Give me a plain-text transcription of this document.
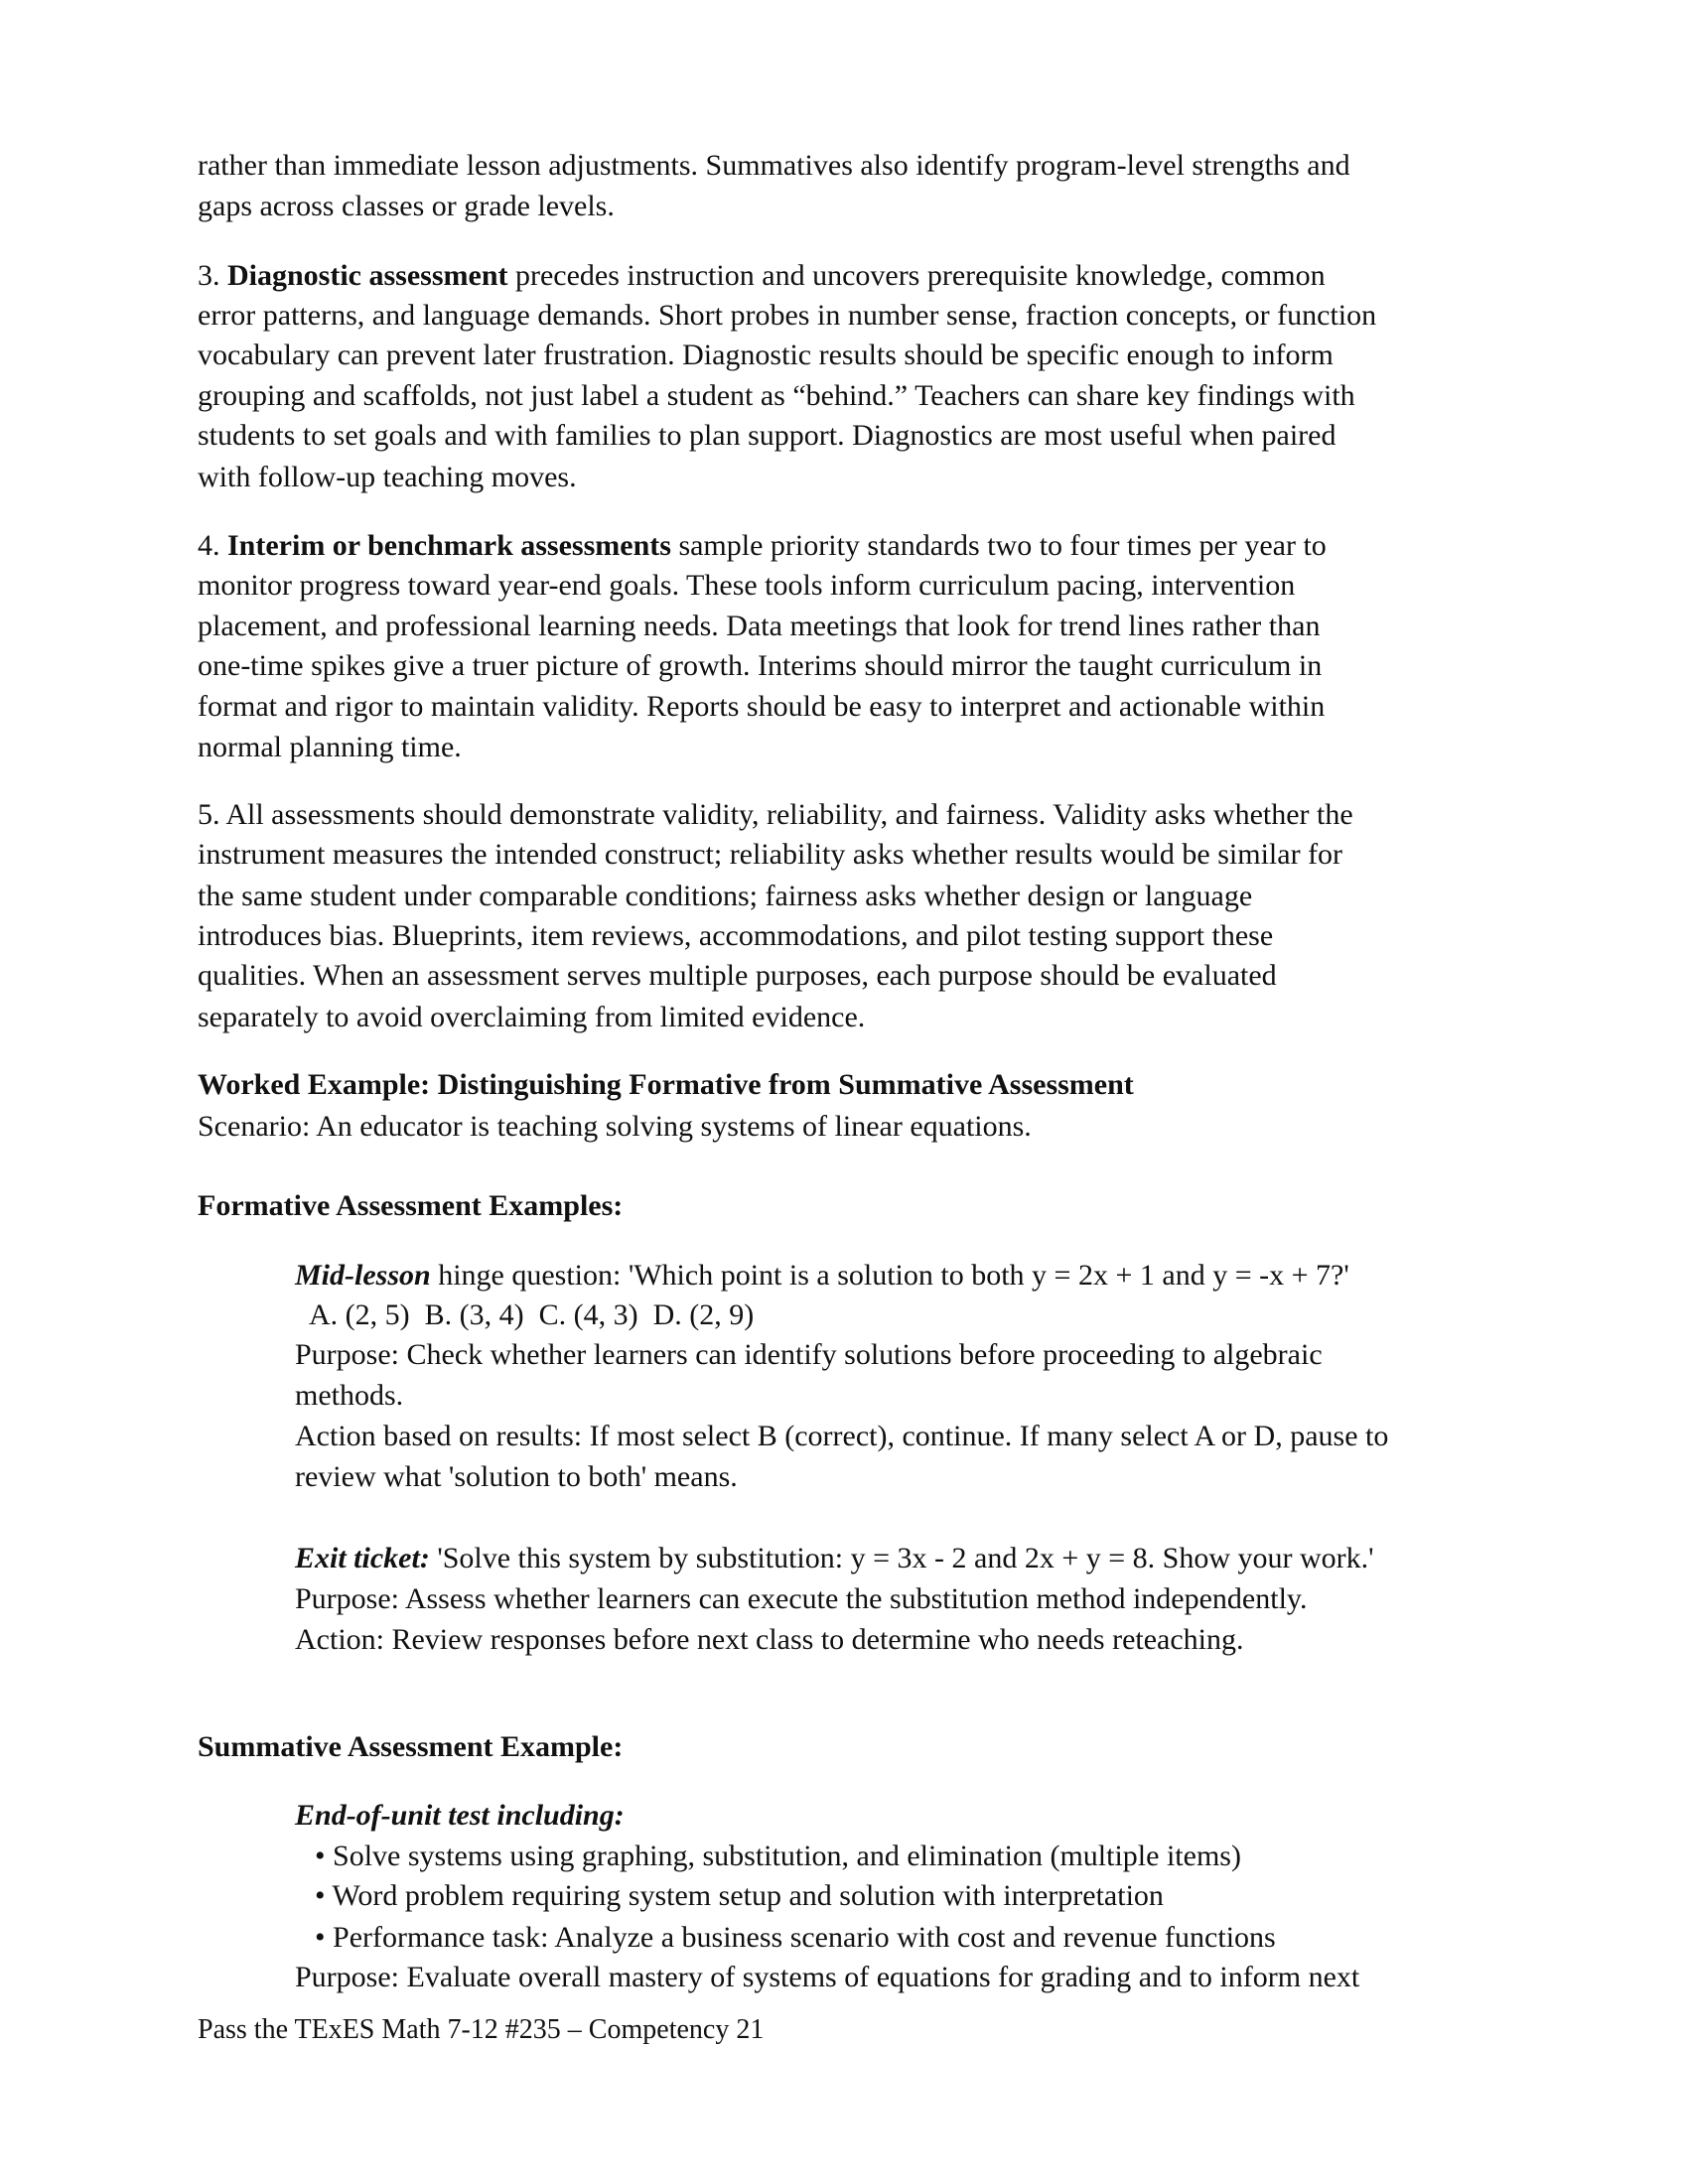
rather than immediate lesson adjustments. Summatives also identify program-level strengths and
gaps across classes or grade levels.
3. Diagnostic assessment precedes instruction and uncovers prerequisite knowledge, common
error patterns, and language demands. Short probes in number sense, fraction concepts, or function
vocabulary can prevent later frustration. Diagnostic results should be specific enough to inform
grouping and scaffolds, not just label a student as “behind.” Teachers can share key findings with
students to set goals and with families to plan support. Diagnostics are most useful when paired
with follow-up teaching moves.
4. Interim or benchmark assessments sample priority standards two to four times per year to
monitor progress toward year-end goals. These tools inform curriculum pacing, intervention
placement, and professional learning needs. Data meetings that look for trend lines rather than
one-time spikes give a truer picture of growth. Interims should mirror the taught curriculum in
format and rigor to maintain validity. Reports should be easy to interpret and actionable within
normal planning time.
5. All assessments should demonstrate validity, reliability, and fairness. Validity asks whether the
instrument measures the intended construct; reliability asks whether results would be similar for
the same student under comparable conditions; fairness asks whether design or language
introduces bias. Blueprints, item reviews, accommodations, and pilot testing support these
qualities. When an assessment serves multiple purposes, each purpose should be evaluated
separately to avoid overclaiming from limited evidence.
Worked Example: Distinguishing Formative from Summative Assessment
Scenario: An educator is teaching solving systems of linear equations.
Formative Assessment Examples:
Mid-lesson hinge question: 'Which point is a solution to both y = 2x + 1 and y = -x + 7?'
A. (2, 5)  B. (3, 4)  C. (4, 3)  D. (2, 9)
Purpose: Check whether learners can identify solutions before proceeding to algebraic
methods.
Action based on results: If most select B (correct), continue. If many select A or D, pause to
review what 'solution to both' means.
Exit ticket: 'Solve this system by substitution: y = 3x - 2 and 2x + y = 8. Show your work.'
Purpose: Assess whether learners can execute the substitution method independently.
Action: Review responses before next class to determine who needs reteaching.
Summative Assessment Example:
End-of-unit test including:
• Solve systems using graphing, substitution, and elimination (multiple items)
• Word problem requiring system setup and solution with interpretation
• Performance task: Analyze a business scenario with cost and revenue functions
Purpose: Evaluate overall mastery of systems of equations for grading and to inform next
Pass the TExES Math 7-12 #235 – Competency 21
